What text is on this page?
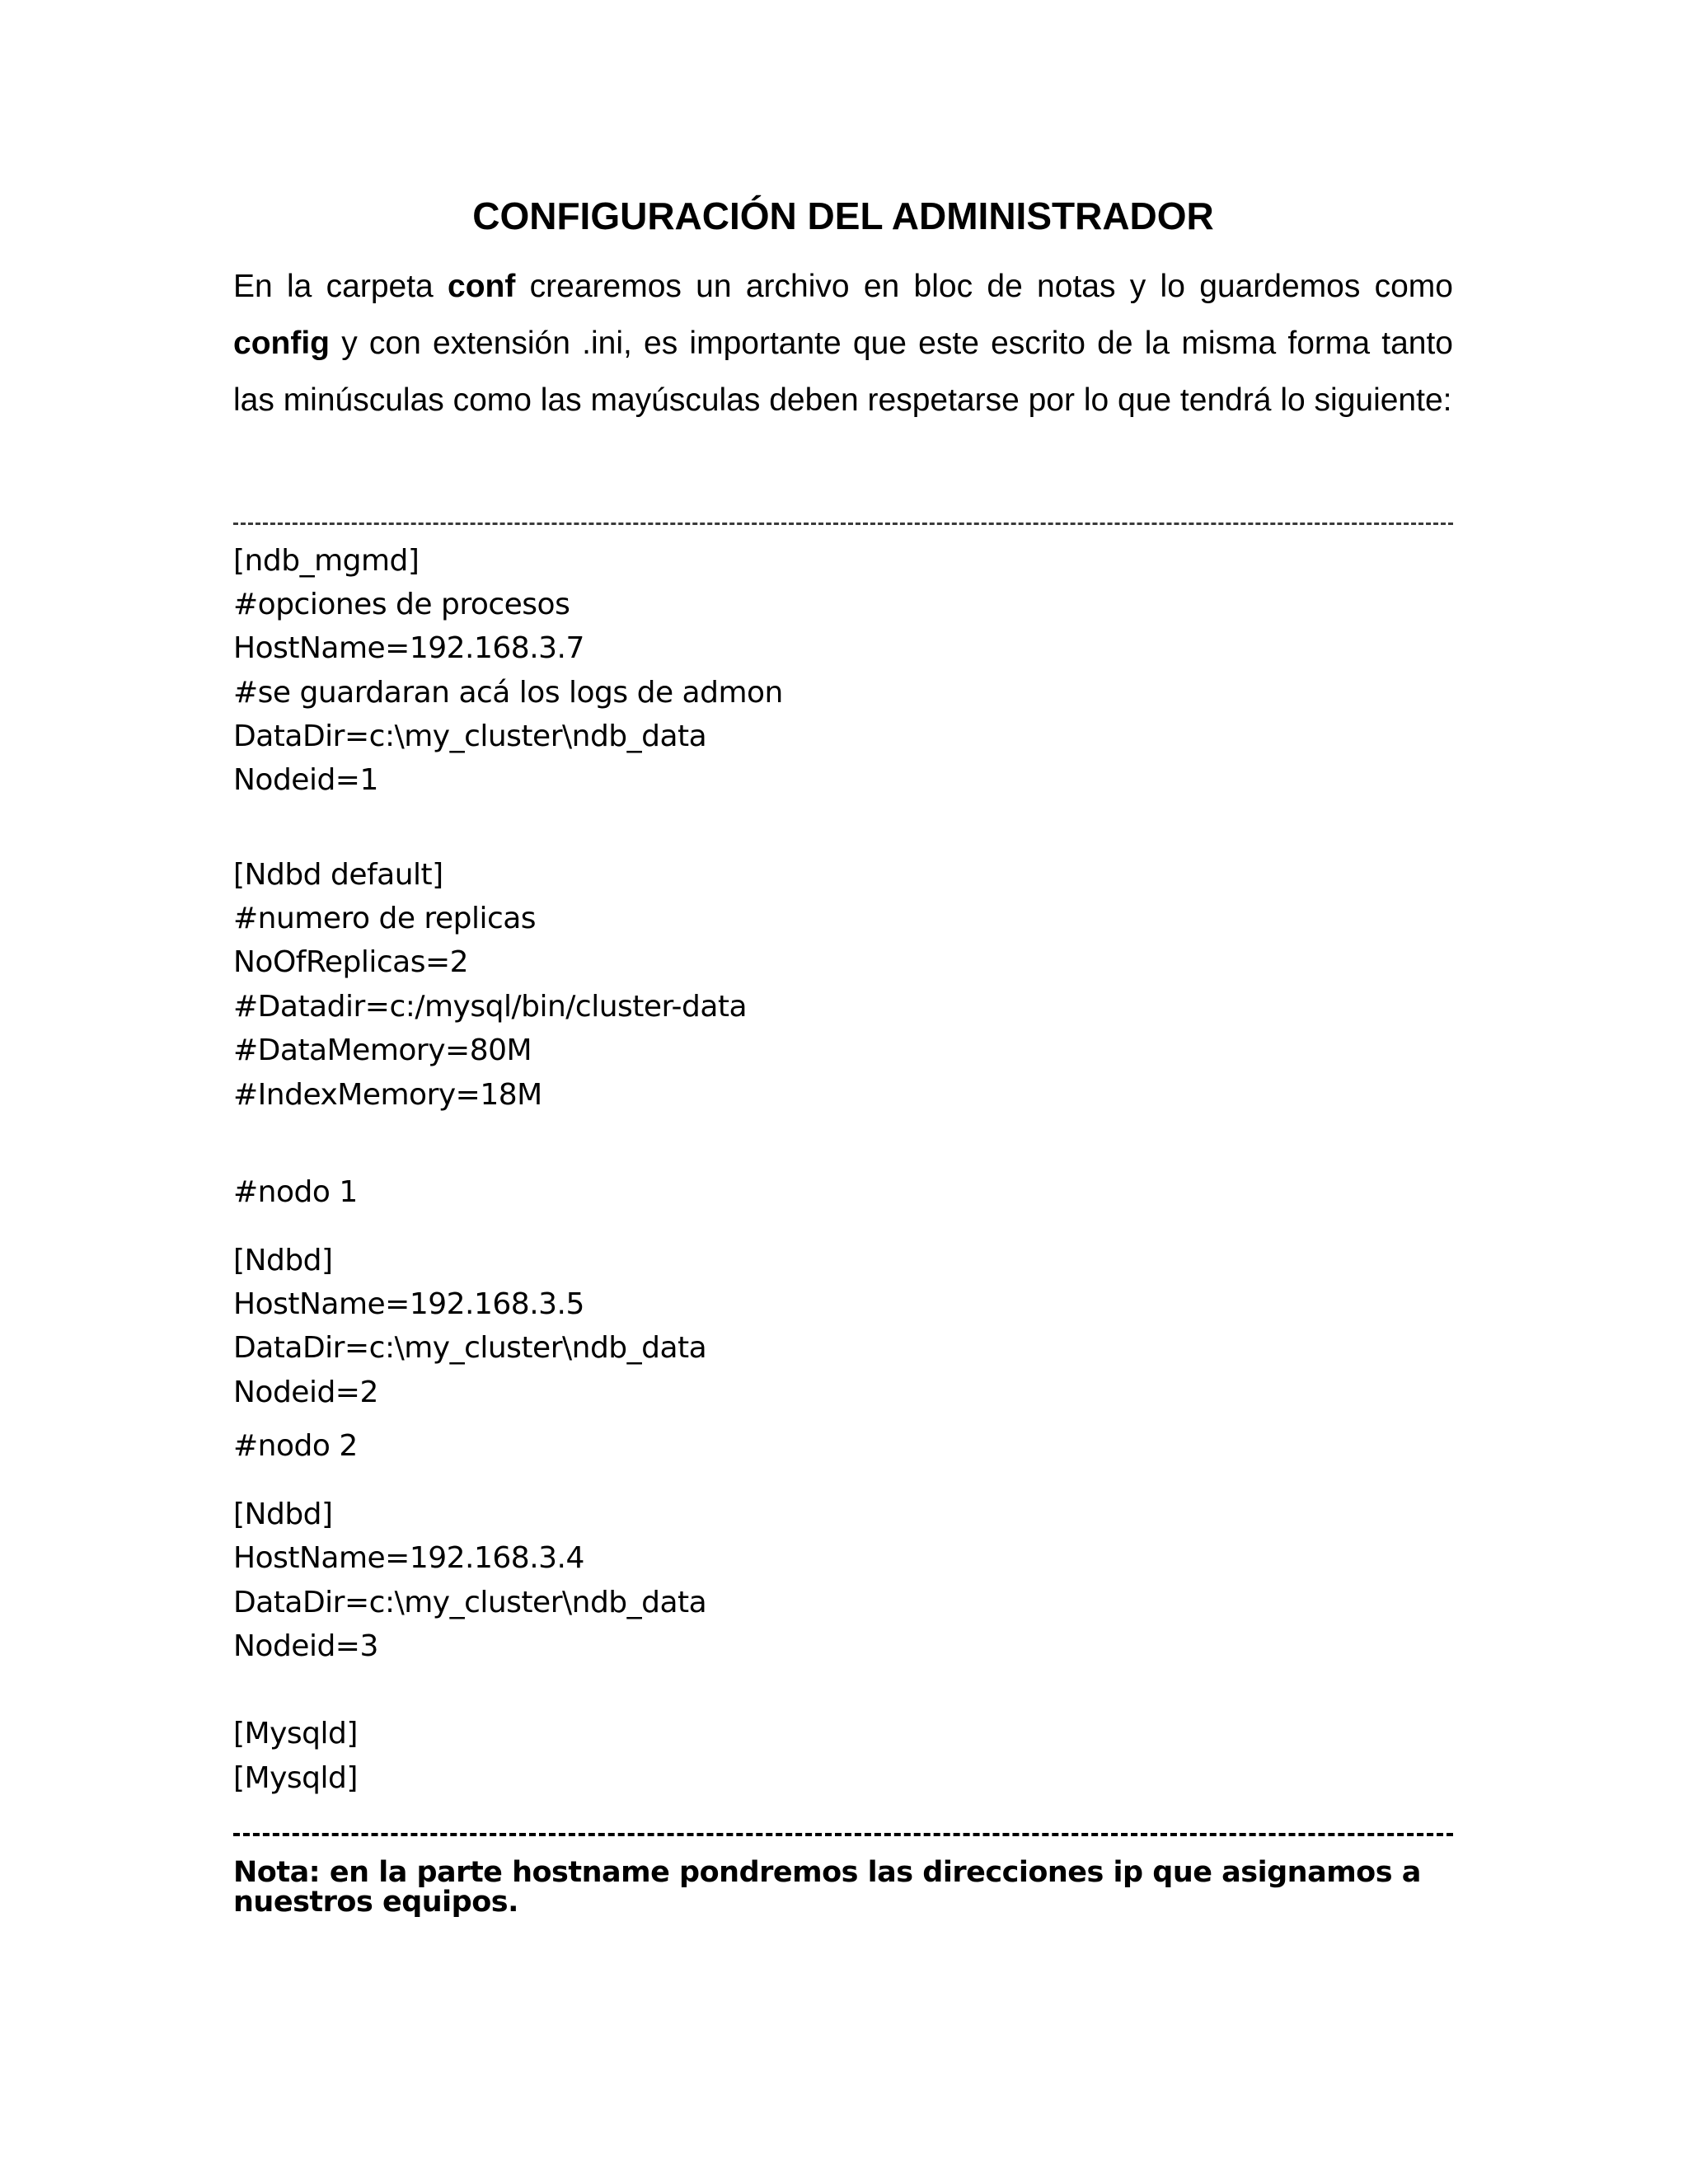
CONFIGURACIÓN DEL ADMINISTRADOR

En la carpeta conf crearemos un archivo en bloc de notas y lo guardemos como config y con extensión .ini, es importante que este escrito de la misma forma tanto las minúsculas como las mayúsculas deben respetarse por lo que tendrá lo siguiente:

[ndb_mgmd]
#opciones de procesos
HostName=192.168.3.7
#se guardaran acá los logs de admon
DataDir=c:\my_cluster\ndb_data
Nodeid=1
[Ndbd default]
#numero de replicas
NoOfReplicas=2
#Datadir=c:/mysql/bin/cluster-data
#DataMemory=80M
#IndexMemory=18M
#nodo 1
[Ndbd]
HostName=192.168.3.5
DataDir=c:\my_cluster\ndb_data
Nodeid=2
#nodo 2
[Ndbd]
HostName=192.168.3.4
DataDir=c:\my_cluster\ndb_data
Nodeid=3
[Mysqld]
[Mysqld]

Nota: en la parte hostname pondremos las direcciones ip que asignamos a nuestros equipos.
